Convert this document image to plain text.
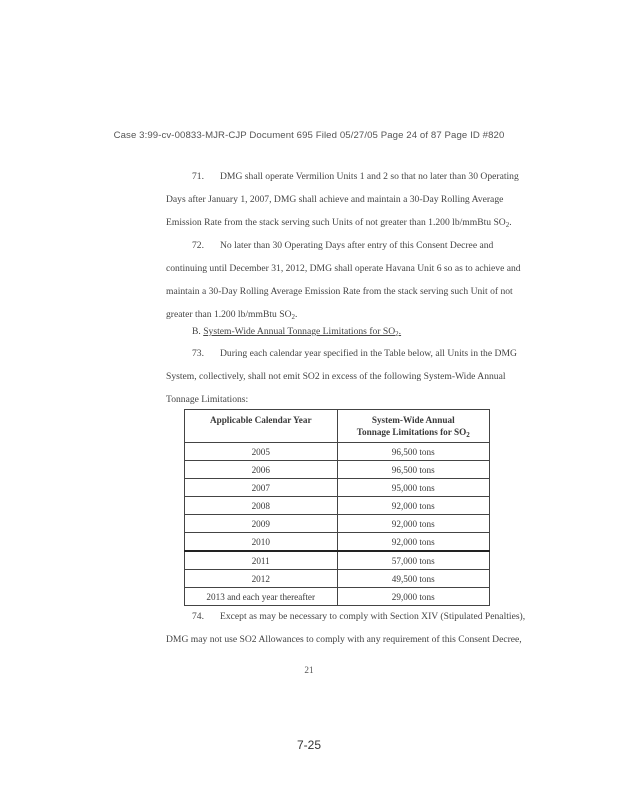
Case 3:99-cv-00833-MJR-CJP Document 695 Filed 05/27/05 Page 24 of 87 Page ID #820
71. DMG shall operate Vermilion Units 1 and 2 so that no later than 30 Operating
Days after January 1, 2007, DMG shall achieve and maintain a 30-Day Rolling Average
Emission Rate from the stack serving such Units of not greater than 1.200 lb/mmBtu $SO_2$.
72. No later than 30 Operating Days after entry of this Consent Decree and
continuing until December 31, 2012, DMG shall operate Havana Unit 6 so as to achieve and
maintain a 30-Day Rolling Average Emission Rate from the stack serving such Unit of not
greater than 1.200 lb/mmBtu $SO_2$.
B. System-Wide Annual Tonnage Limitations for $SO_2$.
73. During each calendar year specified in the Table below, all Units in the DMG
System, collectively, shall not emit SO2 in excess of the following System-Wide Annual
Tonnage Limitations:
Applicable Calendar Year	System-Wide Annual
Tonnage Limitations for $SO_2$
2005	96,500 tons
2006	96,500 tons
2007	95,000 tons
2008	92,000 tons
2009	92,000 tons
2010	92,000 tons
2011	57,000 tons
2012	49,500 tons
2013 and each year thereafter	29,000 tons
74. Except as may be necessary to comply with Section XIV (Stipulated Penalties),
DMG may not use SO2 Allowances to comply with any requirement of this Consent Decree,
21
7-25
